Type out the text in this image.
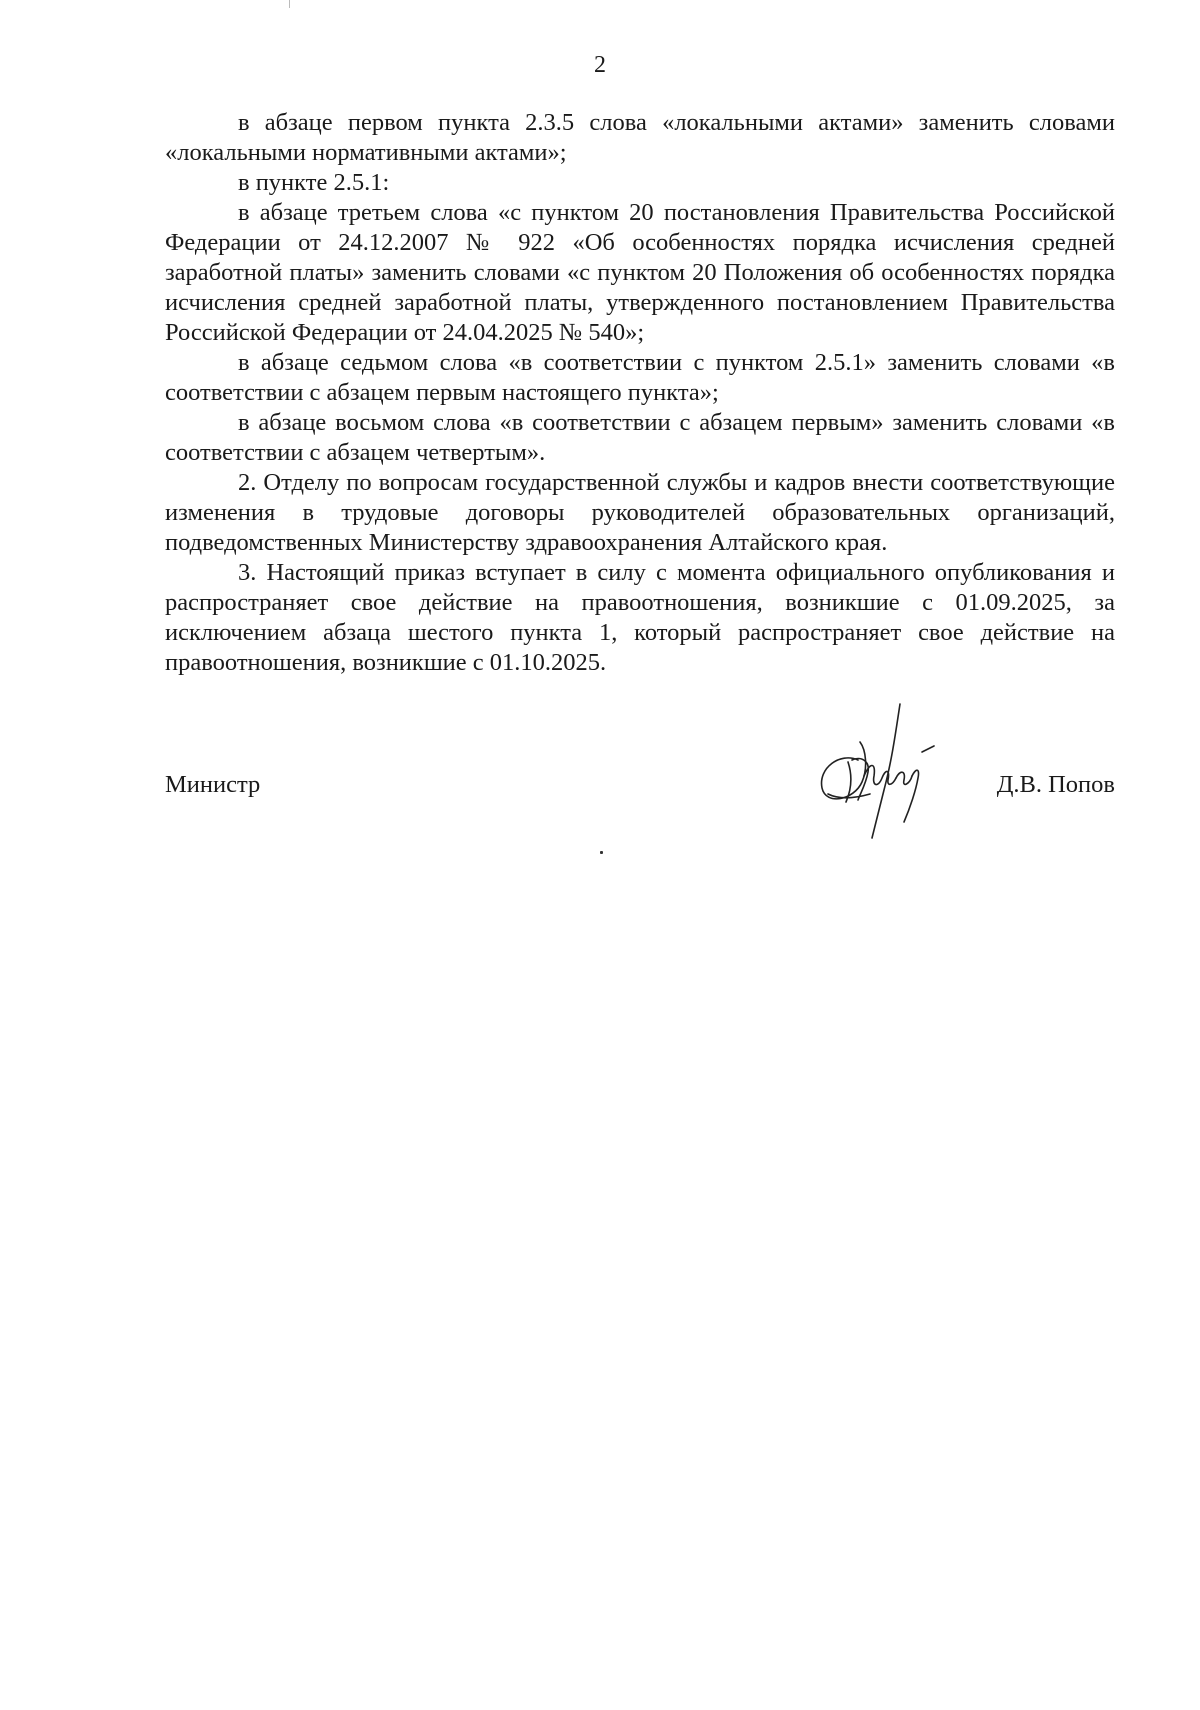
2

в абзаце первом пункта 2.3.5 слова «локальными актами» заменить словами «локальными нормативными актами»;

в пункте 2.5.1:

в абзаце третьем слова «с пунктом 20 постановления Правительства Российской Федерации от 24.12.2007 № 922 «Об особенностях порядка исчисления средней заработной платы» заменить словами «с пунктом 20 Положения об особенностях порядка исчисления средней заработной платы, утвержденного постановлением Правительства Российской Федерации от 24.04.2025 № 540»;

в абзаце седьмом слова «в соответствии с пунктом 2.5.1» заменить словами «в соответствии с абзацем первым настоящего пункта»;

в абзаце восьмом слова «в соответствии с абзацем первым» заменить словами «в соответствии с абзацем четвертым».

2. Отделу по вопросам государственной службы и кадров внести соответствующие изменения в трудовые договоры руководителей образовательных организаций, подведомственных Министерству здравоохранения Алтайского края.

3. Настоящий приказ вступает в силу с момента официального опубликования и распространяет свое действие на правоотношения, возникшие с 01.09.2025, за исключением абзаца шестого пункта 1, который распространяет свое действие на правоотношения, возникшие с 01.10.2025.

Министр	Д.В. Попов
